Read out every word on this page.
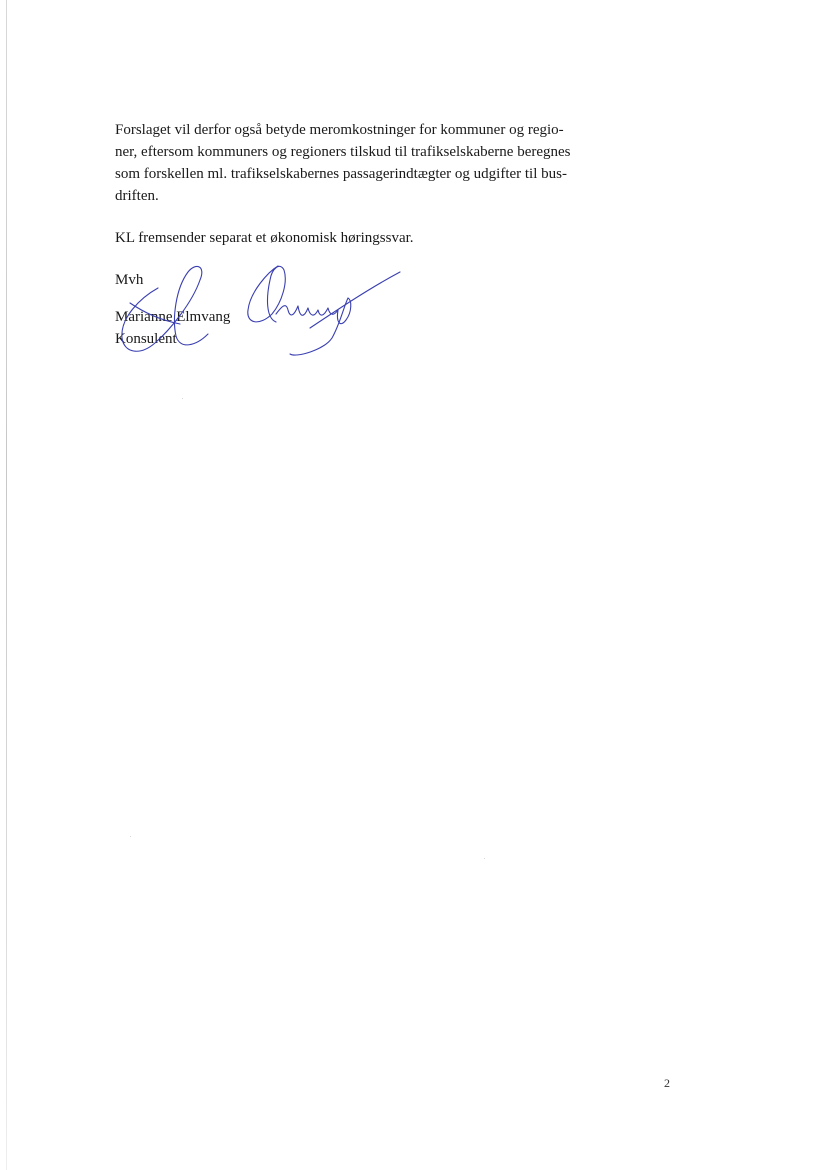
Forslaget vil derfor også betyde meromkostninger for kommuner og regio-
ner, eftersom kommuners og regioners tilskud til trafikselskaberne beregnes
som forskellen ml. trafikselskabernes passagerindtægter og udgifter til bus-
driften.

KL fremsender separat et økonomisk høringssvar.

Mvh

Marianne Elmvang
Konsulent
2
